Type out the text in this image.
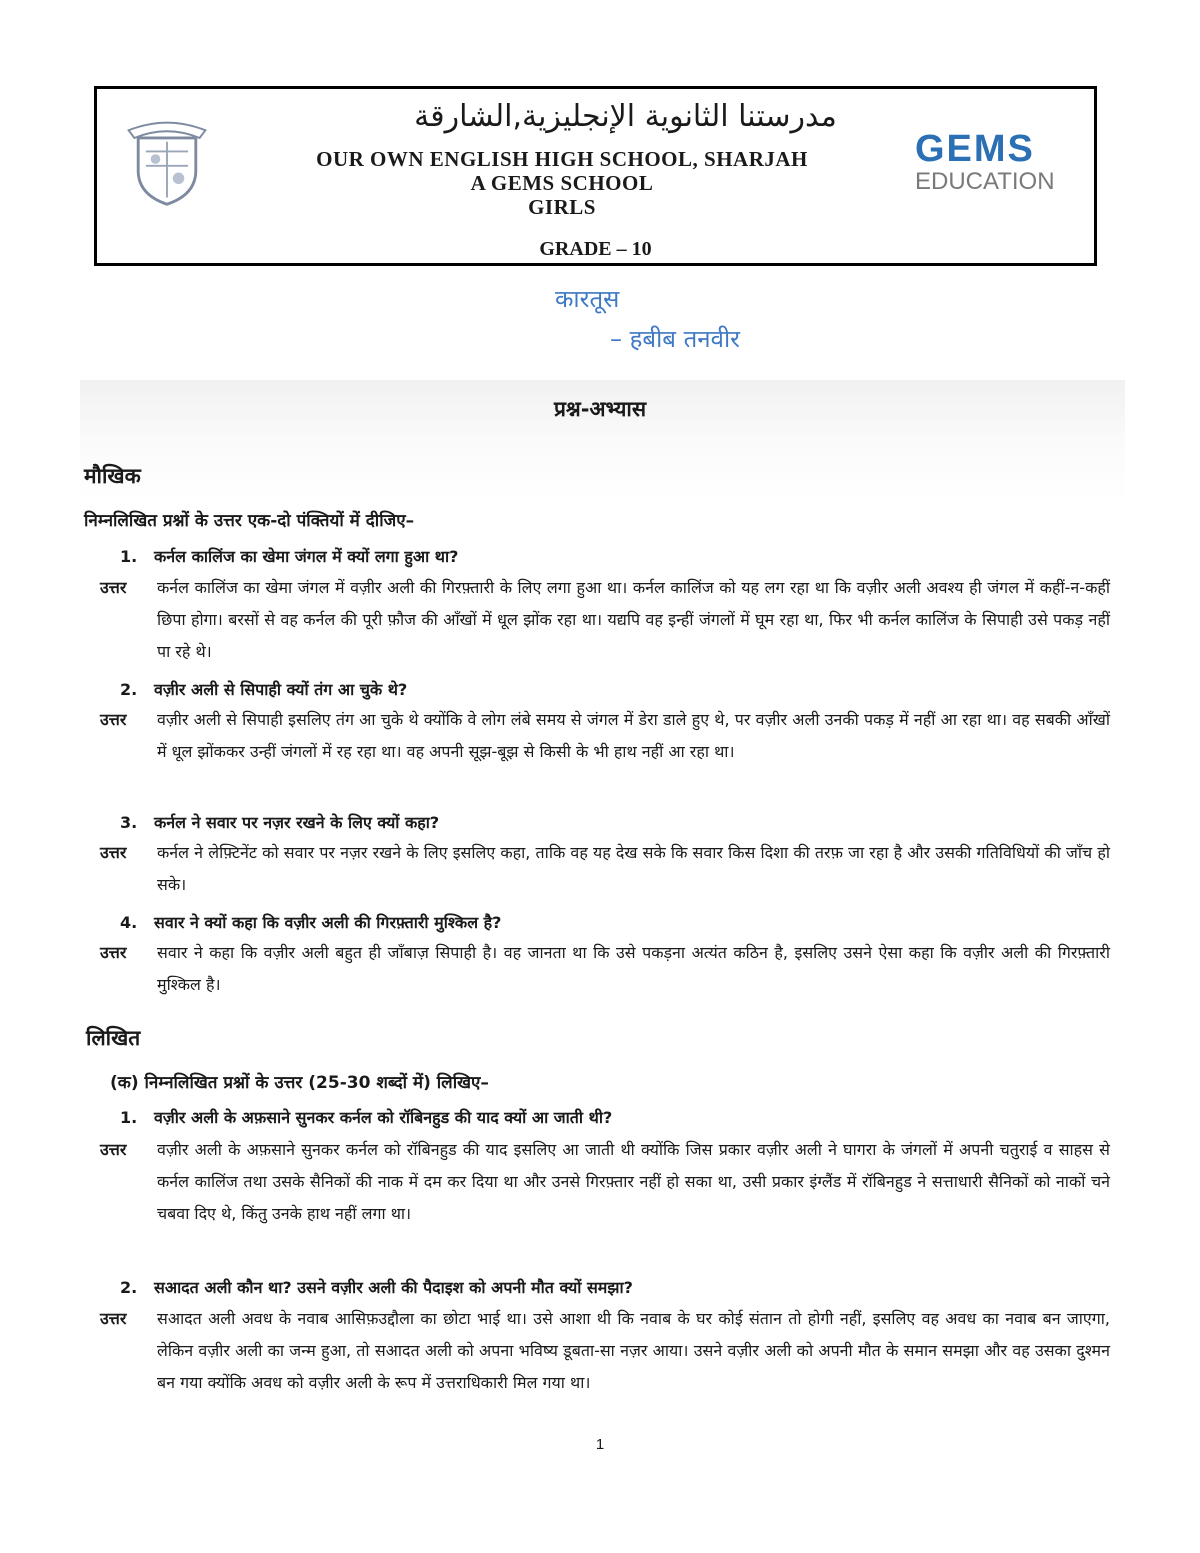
مدرستنا الثانوية الإنجليزية,الشارقة
OUR OWN ENGLISH HIGH SCHOOL, SHARJAH
A GEMS SCHOOL
GIRLS
GEMS
EDUCATION
GRADE – 10
कारतूस
– हबीब तनवीर
प्रश्न-अभ्यास
मौखिक
निम्नलिखित प्रश्नों के उत्तर एक-दो पंक्तियों में दीजिए–
1. कर्नल कालिंज का खेमा जंगल में क्यों लगा हुआ था?
उत्तर कर्नल कालिंज का खेमा जंगल में वज़ीर अली की गिरफ़्तारी के लिए लगा हुआ था। कर्नल कालिंज को यह लग रहा था कि वज़ीर अली अवश्य ही जंगल में कहीं-न-कहीं छिपा होगा। बरसों से वह कर्नल की पूरी फ़ौज की आँखों में धूल झोंक रहा था। यद्यपि वह इन्हीं जंगलों में घूम रहा था, फिर भी कर्नल कालिंज के सिपाही उसे पकड़ नहीं पा रहे थे।
2. वज़ीर अली से सिपाही क्यों तंग आ चुके थे?
उत्तर वज़ीर अली से सिपाही इसलिए तंग आ चुके थे क्योंकि वे लोग लंबे समय से जंगल में डेरा डाले हुए थे, पर वज़ीर अली उनकी पकड़ में नहीं आ रहा था। वह सबकी आँखों में धूल झोंककर उन्हीं जंगलों में रह रहा था। वह अपनी सूझ-बूझ से किसी के भी हाथ नहीं आ रहा था।
3. कर्नल ने सवार पर नज़र रखने के लिए क्यों कहा?
उत्तर कर्नल ने लेफ़्टिनेंट को सवार पर नज़र रखने के लिए इसलिए कहा, ताकि वह यह देख सके कि सवार किस दिशा की तरफ़ जा रहा है और उसकी गतिविधियों की जाँच हो सके।
4. सवार ने क्यों कहा कि वज़ीर अली की गिरफ़्तारी मुश्किल है?
उत्तर सवार ने कहा कि वज़ीर अली बहुत ही जाँबाज़ सिपाही है। वह जानता था कि उसे पकड़ना अत्यंत कठिन है, इसलिए उसने ऐसा कहा कि वज़ीर अली की गिरफ़्तारी मुश्किल है।
लिखित
(क) निम्नलिखित प्रश्नों के उत्तर (25-30 शब्दों में) लिखिए–
1. वज़ीर अली के अफ़साने सुनकर कर्नल को रॉबिनहुड की याद क्यों आ जाती थी?
उत्तर वज़ीर अली के अफ़साने सुनकर कर्नल को रॉबिनहुड की याद इसलिए आ जाती थी क्योंकि जिस प्रकार वज़ीर अली ने घागरा के जंगलों में अपनी चतुराई व साहस से कर्नल कालिंज तथा उसके सैनिकों की नाक में दम कर दिया था और उनसे गिरफ़्तार नहीं हो सका था, उसी प्रकार इंग्लैंड में रॉबिनहुड ने सत्ताधारी सैनिकों को नाकों चने चबवा दिए थे, किंतु उनके हाथ नहीं लगा था।
2. सआदत अली कौन था? उसने वज़ीर अली की पैदाइश को अपनी मौत क्यों समझा?
उत्तर सआदत अली अवध के नवाब आसिफ़उद्दौला का छोटा भाई था। उसे आशा थी कि नवाब के घर कोई संतान तो होगी नहीं, इसलिए वह अवध का नवाब बन जाएगा, लेकिन वज़ीर अली का जन्म हुआ, तो सआदत अली को अपना भविष्य डूबता-सा नज़र आया। उसने वज़ीर अली को अपनी मौत के समान समझा और वह उसका दुश्मन बन गया क्योंकि अवध को वज़ीर अली के रूप में उत्तराधिकारी मिल गया था।
1
